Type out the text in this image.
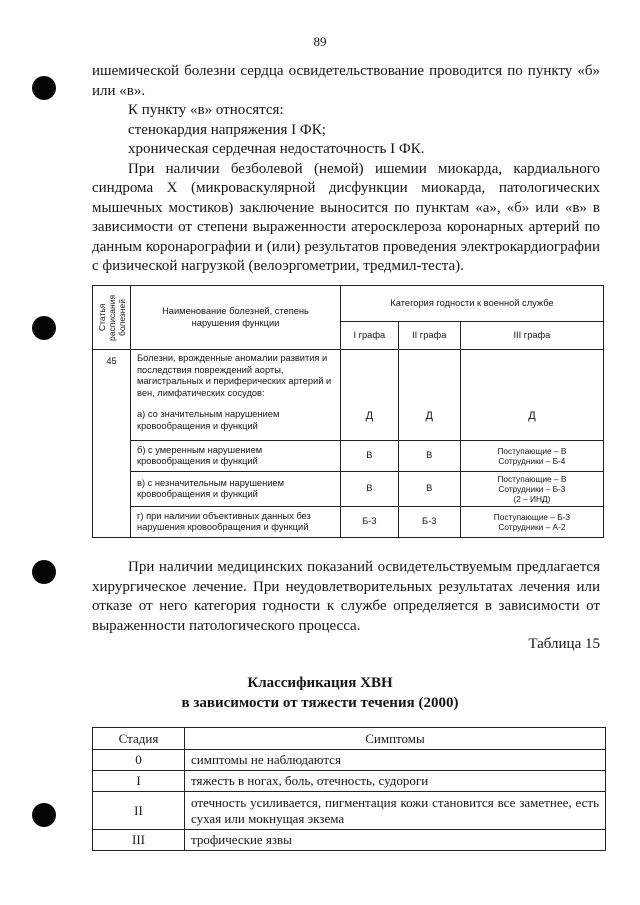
89

ишемической болезни сердца освидетельствование проводится по пункту «б» или «в».

К пункту «в» относятся:

стенокардия напряжения I ФК;

хроническая сердечная недостаточность I ФК.

При наличии безболевой (немой) ишемии миокарда, кардиального синдрома Х (микроваскулярной дисфункции миокарда, патологических мышечных мостиков) заключение выносится по пунктам «а», «б» или «в» в зависимости от степени выраженности атеросклероза коронарных артерий по данным коронарографии и (или) результатов проведения электрокардиографии с физической нагрузкой (велоэргометрии, тредмил-теста).

Статья расписания болезней	Наименование болезней, степень нарушения функции	Категория годности к военной службе		
		I графа	II графа	III графа
45	Болезни, врожденные аномалии развития и последствия повреждений аорты, магистральных и периферических артерий и вен, лимфатических сосудов:
а) со значительным нарушением кровообращения и функций	Д	Д	Д
	б) с умеренным нарушением кровообращения и функций	В	В	Поступающие – В
Сотрудники – Б-4

	в) с незначительным нарушением кровообращения и функций	В	В	Поступающие – В
Сотрудники – Б-3
(2 – ИНД)

	г) при наличии объективных данных без нарушения кровообращения и функций	Б-3	Б-3	Поступающие – Б-3
Сотрудники – А-2

При наличии медицинских показаний освидетельствуемым предлагается хирургическое лечение. При неудовлетворительных результатах лечения или отказе от него категория годности к службе определяется в зависимости от выраженности патологического процесса.

Таблица 15
Классификация ХВН
в зависимости от тяжести течения (2000)
Стадия	Симптомы
0	симптомы не наблюдаются
I	тяжесть в ногах, боль, отечность, судороги
II	отечность усиливается, пигментация кожи становится все заметнее, есть сухая или мокнущая экзема
III	трофические язвы
